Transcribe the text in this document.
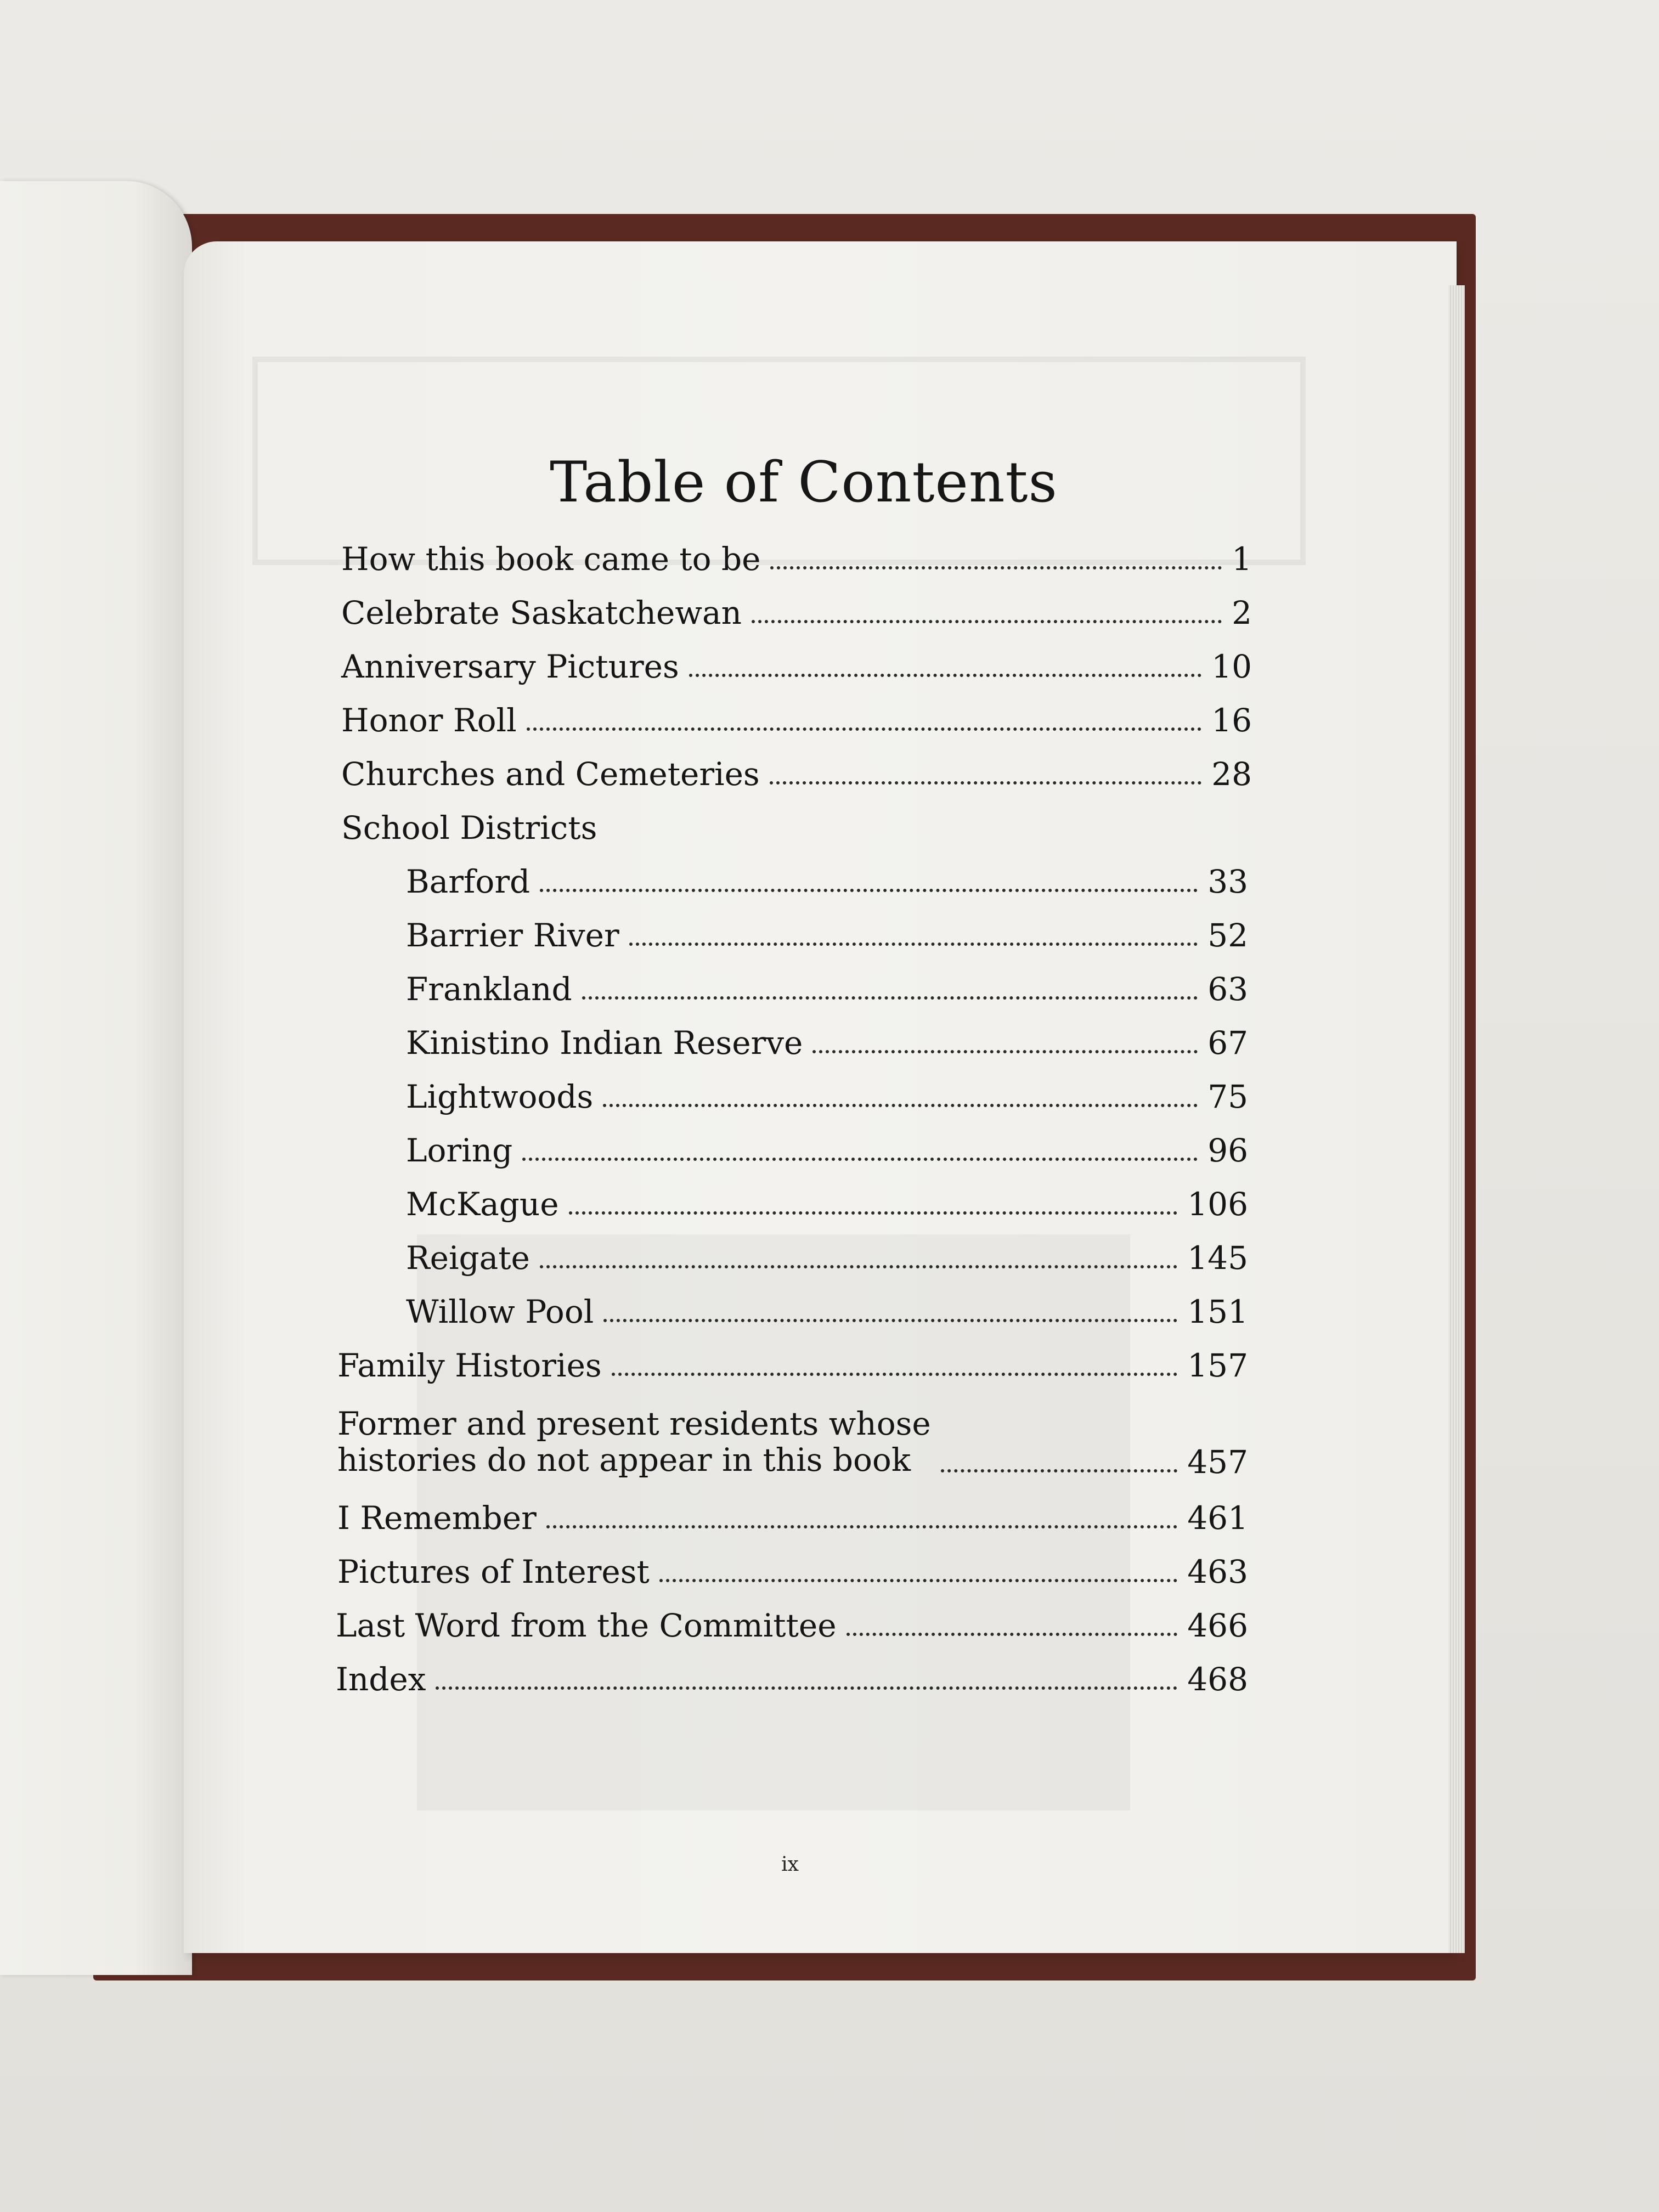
Table of Contents
How this book came to be	1
Celebrate Saskatchewan	2
Anniversary Pictures	10
Honor Roll	16
Churches and Cemeteries	28
School Districts
Barford	33
Barrier River	52
Frankland	63
Kinistino Indian Reserve	67
Lightwoods	75
Loring	96
McKague	106
Reigate	145
Willow Pool	151
Family Histories	157
Former and present residents whose
histories do not appear in this book	457
I Remember	461
Pictures of Interest	463
Last Word from the Committee	466
Index	468
ix
